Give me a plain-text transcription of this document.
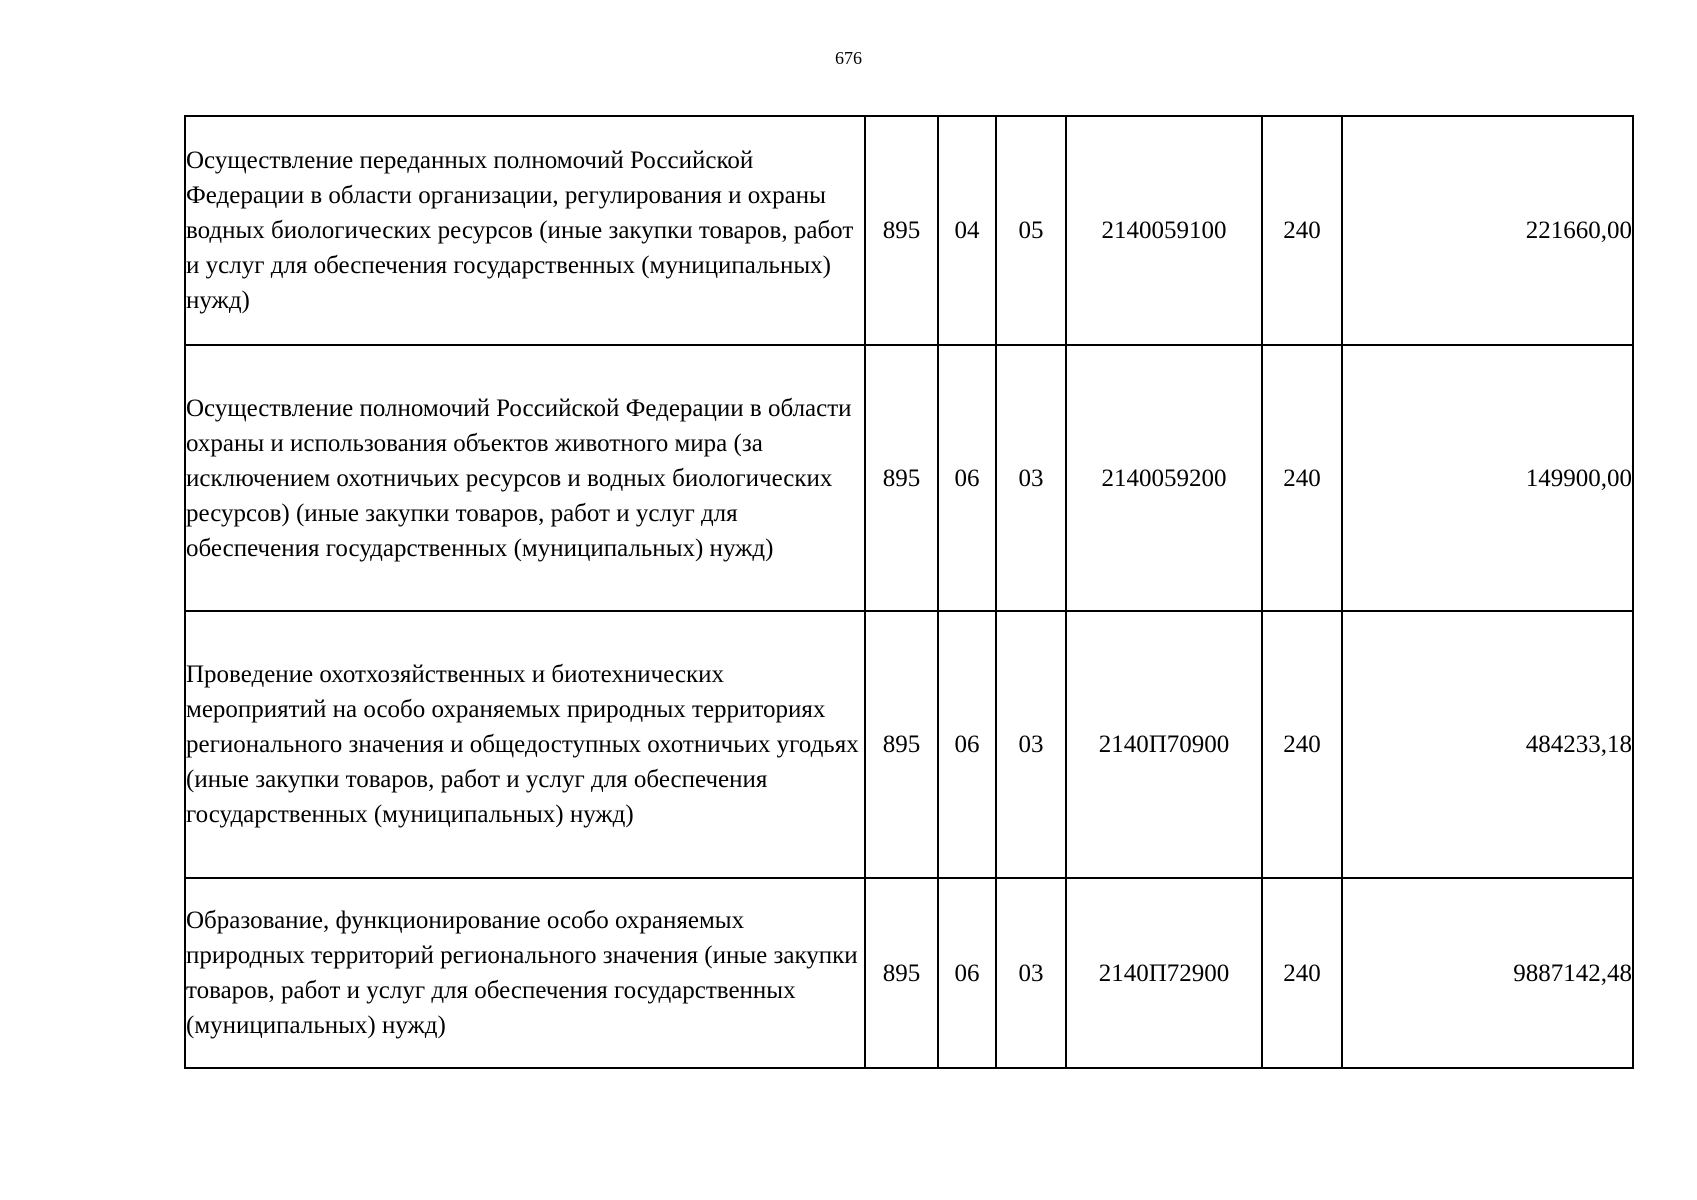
676
Осуществление переданных полномочий Российской Федерации в области организации, регулирования и охраны водных биологических ресурсов (иные закупки товаров, работ и услуг для обеспечения государственных (муниципальных) нужд)	895	04	05	2140059100	240	221660,00
Осуществление полномочий Российской Федерации в области охраны и использования объектов животного мира (за исключением охотничьих ресурсов и водных биологических ресурсов) (иные закупки товаров, работ и услуг для обеспечения государственных (муниципальных) нужд)	895	06	03	2140059200	240	149900,00
Проведение охотхозяйственных и биотехнических мероприятий на особо охраняемых природных территориях регионального значения и общедоступных охотничьих угодьях (иные закупки товаров, работ и услуг для обеспечения государственных (муниципальных) нужд)	895	06	03	2140П70900	240	484233,18
Образование, функционирование особо охраняемых природных территорий регионального значения (иные закупки товаров, работ и услуг для обеспечения государственных (муниципальных) нужд)	895	06	03	2140П72900	240	9887142,48
